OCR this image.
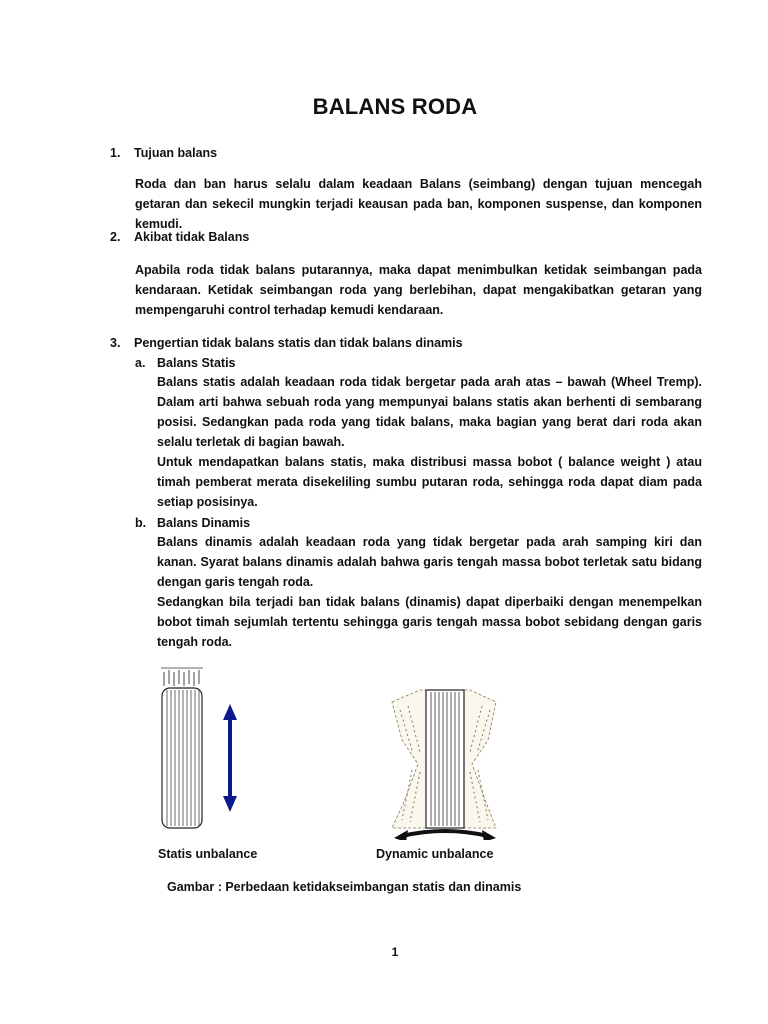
BALANS RODA
1. Tujuan balans

Roda dan ban harus selalu dalam keadaan Balans (seimbang) dengan tujuan mencegah getaran dan sekecil mungkin terjadi keausan pada ban, komponen suspense, dan komponen kemudi.

2. Akibat tidak Balans

Apabila roda tidak balans putarannya, maka dapat menimbulkan ketidak seimbangan pada kendaraan. Ketidak seimbangan roda yang berlebihan, dapat mengakibatkan getaran yang mempengaruhi control terhadap kemudi kendaraan.

3. Pengertian tidak balans statis dan tidak balans dinamis
a. Balans Statis

Balans statis adalah keadaan roda tidak bergetar pada arah atas – bawah (Wheel Tremp). Dalam arti bahwa sebuah roda yang mempunyai balans statis akan berhenti di sembarang posisi. Sedangkan pada roda yang tidak balans, maka bagian yang berat dari roda akan selalu terletak di bagian bawah.

Untuk mendapatkan balans statis, maka distribusi massa bobot ( balance weight ) atau timah pemberat merata disekeliling sumbu putaran roda, sehingga roda dapat diam pada setiap posisinya.

b. Balans Dinamis

Balans dinamis adalah keadaan roda yang tidak bergetar pada arah samping kiri dan kanan. Syarat balans dinamis adalah bahwa garis tengah massa bobot terletak satu bidang dengan garis tengah roda.

Sedangkan bila terjadi ban tidak balans (dinamis) dapat diperbaiki dengan menempelkan bobot timah sejumlah tertentu sehingga garis tengah massa bobot sebidang dengan garis tengah roda.

Statis unbalance	Dynamic unbalance
Gambar : Perbedaan ketidakseimbangan statis dan dinamis
1
